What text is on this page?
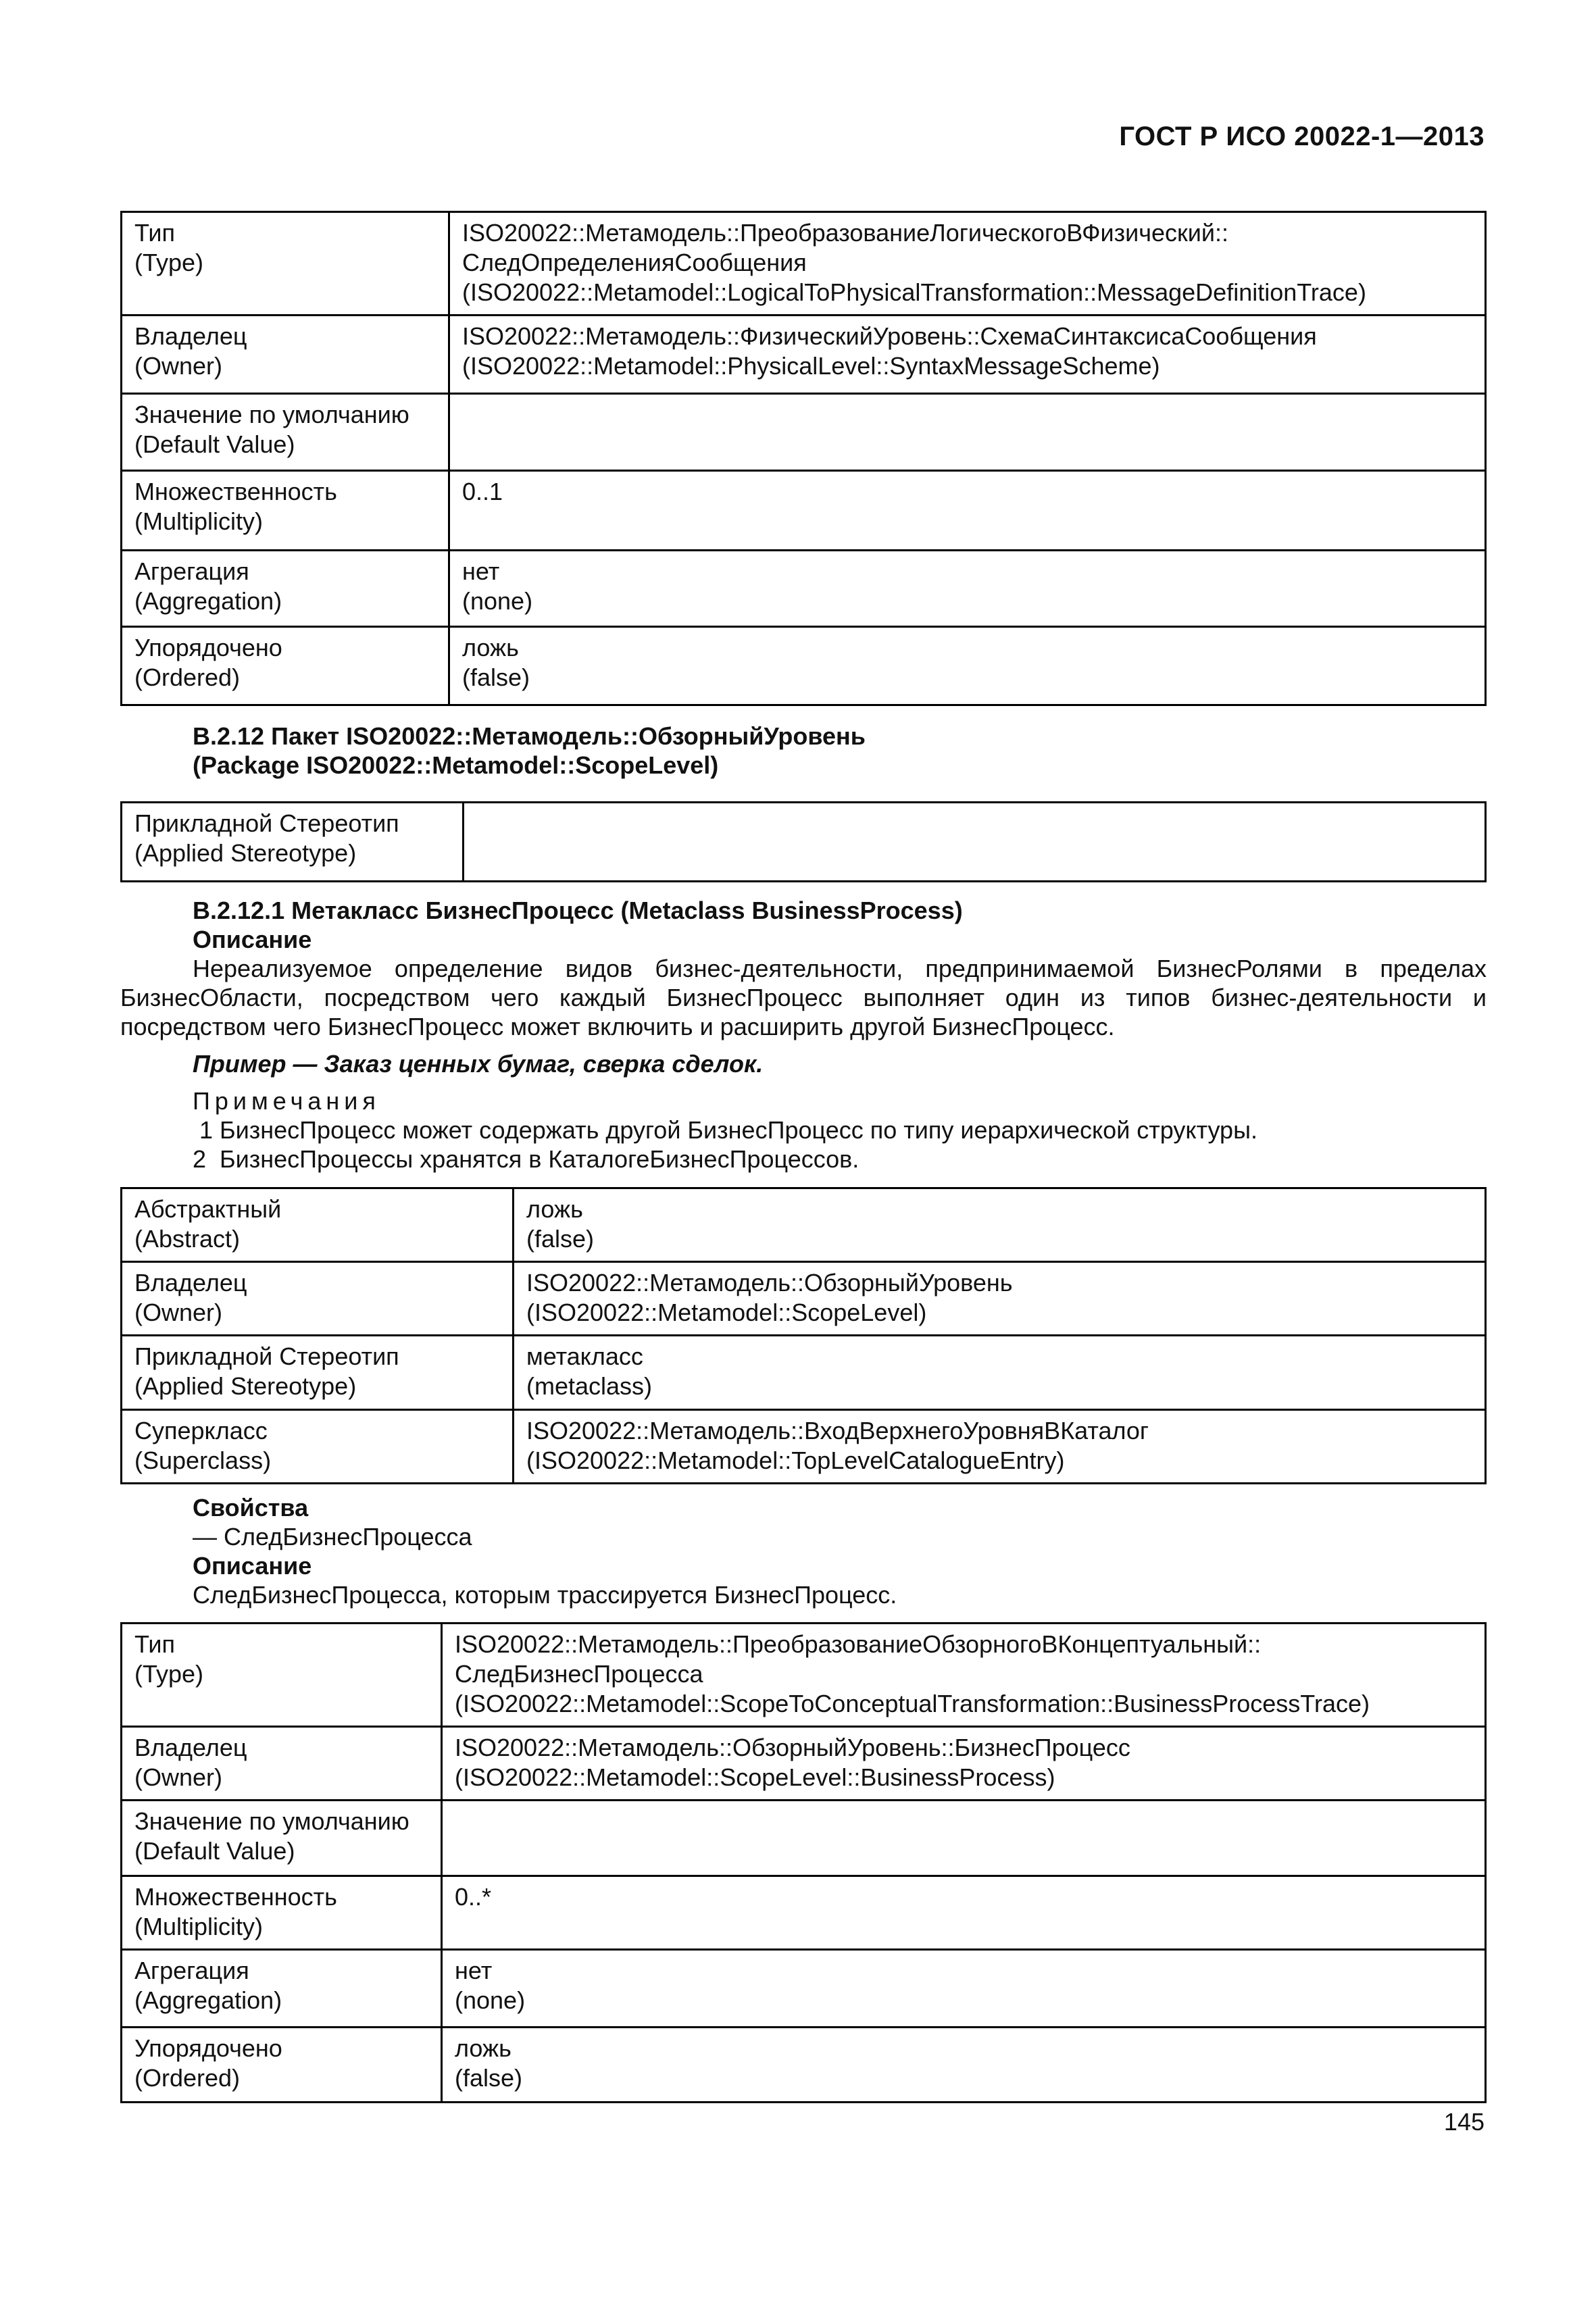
ГОСТ Р ИСО 20022-1—2013
Тип
(Type)	ISO20022::Метамодель::ПреобразованиеЛогическогоВФизический::
СледОпределенияСообщения
(ISO20022::Metamodel::LogicalToPhysicalTransformation::MessageDefinitionTrace)

Владелец
(Owner)	ISO20022::Метамодель::ФизическийУровень::СхемаСинтаксисаСообщения
(ISO20022::Metamodel::PhysicalLevel::SyntaxMessageScheme)

Значение по умолчанию
(Default Value)	

Множественность
(Multiplicity)	0..1

Агрегация
(Aggregation)	нет
(none)

Упорядочено
(Ordered)	ложь
(false)
B.2.12 Пакет ISO20022::Метамодель::ОбзорныйУровень
(Package ISO20022::Metamodel::ScopeLevel)
Прикладной Стереотип
(Applied Stereotype)

B.2.12.1 Метакласс БизнесПроцесс (Metaclass BusinessProcess)
Описание
Нереализуемое определение видов бизнес-деятельности, предпринимаемой БизнесРолями в пределах БизнесОбласти, посредством чего каждый БизнесПроцесс выполняет один из типов бизнес-деятельности и посредством чего БизнесПроцесс может включить и расширить другой БизнесПроцесс.
Пример — Заказ ценных бумаг, сверка сделок.
Примечания
1 БизнесПроцесс может содержать другой БизнесПроцесс по типу иерархической структуры.
2  БизнесПроцессы хранятся в КаталогеБизнесПроцессов.
Абстрактный
(Abstract)	ложь
(false)

Владелец
(Owner)	ISO20022::Метамодель::ОбзорныйУровень
(ISO20022::Metamodel::ScopeLevel)

Прикладной Стереотип
(Applied Stereotype)	метакласс
(metaclass)

Суперкласс
(Superclass)	ISO20022::Метамодель::ВходВерхнегоУровняВКаталог
(ISO20022::Metamodel::TopLevelCatalogueEntry)
Свойства
— СледБизнесПроцесса
Описание
СледБизнесПроцесса, которым трассируется БизнесПроцесс.
Тип
(Type)	ISO20022::Метамодель::ПреобразованиеОбзорногоВКонцептуальный::
СледБизнесПроцесса
(ISO20022::Metamodel::ScopeToConceptualTransformation::BusinessProcessTrace)

Владелец
(Owner)	ISO20022::Метамодель::ОбзорныйУровень::БизнесПроцесс
(ISO20022::Metamodel::ScopeLevel::BusinessProcess)

Значение по умолчанию
(Default Value)	

Множественность
(Multiplicity)	0..*

Агрегация
(Aggregation)	нет
(none)

Упорядочено
(Ordered)	ложь
(false)
145
